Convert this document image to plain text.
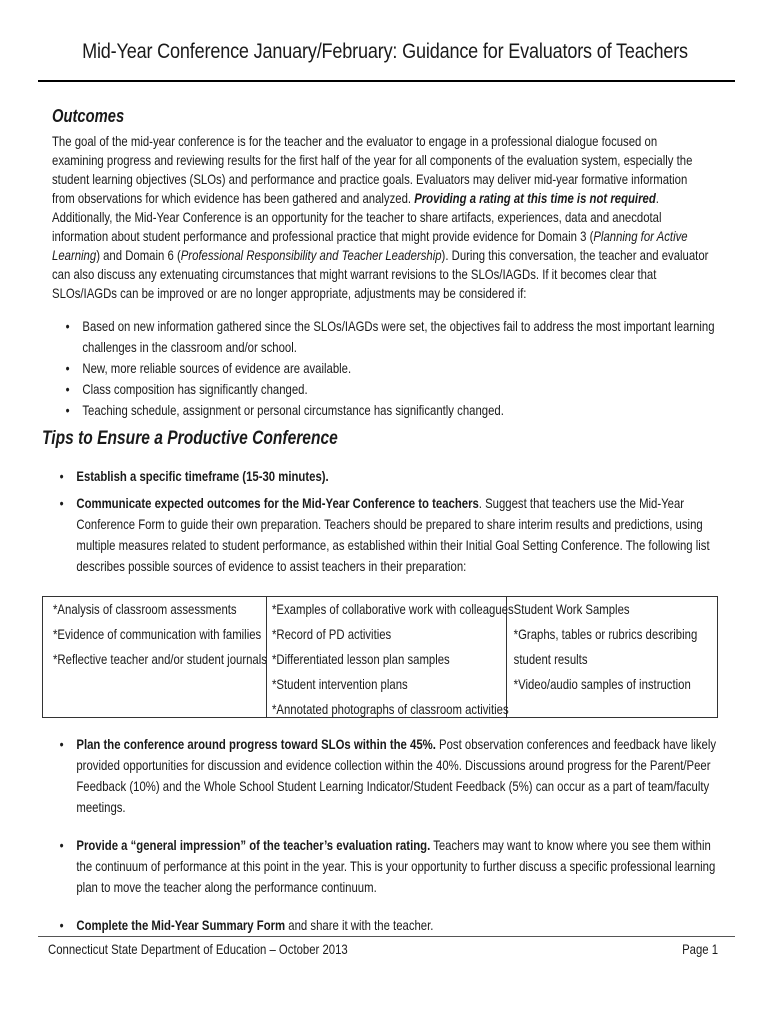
Mid-Year Conference January/February: Guidance for Evaluators of Teachers
Outcomes
The goal of the mid-year conference is for the teacher and the evaluator to engage in a professional dialogue focused on examining progress and reviewing results for the first half of the year for all components of the evaluation system, especially the student learning objectives (SLOs) and performance and practice goals. Evaluators may deliver mid-year formative information from observations for which evidence has been gathered and analyzed. Providing a rating at this time is not required. Additionally, the Mid-Year Conference is an opportunity for the teacher to share artifacts, experiences, data and anecdotal information about student performance and professional practice that might provide evidence for Domain 3 (Planning for Active Learning) and Domain 6 (Professional Responsibility and Teacher Leadership). During this conversation, the teacher and evaluator can also discuss any extenuating circumstances that might warrant revisions to the SLOs/IAGDs. If it becomes clear that SLOs/IAGDs can be improved or are no longer appropriate, adjustments may be considered if:
• Based on new information gathered since the SLOs/IAGDs were set, the objectives fail to address the most important learning challenges in the classroom and/or school.
• New, more reliable sources of evidence are available.
• Class composition has significantly changed.
• Teaching schedule, assignment or personal circumstance has significantly changed.
Tips to Ensure a Productive Conference
• Establish a specific timeframe (15-30 minutes).
• Communicate expected outcomes for the Mid-Year Conference to teachers. Suggest that teachers use the Mid-Year Conference Form to guide their own preparation. Teachers should be prepared to share interim results and predictions, using multiple measures related to student performance, as established within their Initial Goal Setting Conference. The following list describes possible sources of evidence to assist teachers in their preparation:
*Analysis of classroom assessments
*Evidence of communication with families
*Reflective teacher and/or student journals
*Examples of collaborative work with colleagues
*Record of PD activities
*Differentiated lesson plan samples
*Student intervention plans
*Annotated photographs of classroom activities
Student Work Samples
*Graphs, tables or rubrics describing
student results
*Video/audio samples of instruction
• Plan the conference around progress toward SLOs within the 45%. Post observation conferences and feedback have likely provided opportunities for discussion and evidence collection within the 40%. Discussions around progress for the Parent/Peer Feedback (10%) and the Whole School Student Learning Indicator/Student Feedback (5%) can occur as a part of team/faculty meetings.
• Provide a “general impression” of the teacher’s evaluation rating. Teachers may want to know where you see them within the continuum of performance at this point in the year. This is your opportunity to further discuss a specific professional learning plan to move the teacher along the performance continuum.
• Complete the Mid-Year Summary Form and share it with the teacher.
Connecticut State Department of Education – October 2013	Page 1
